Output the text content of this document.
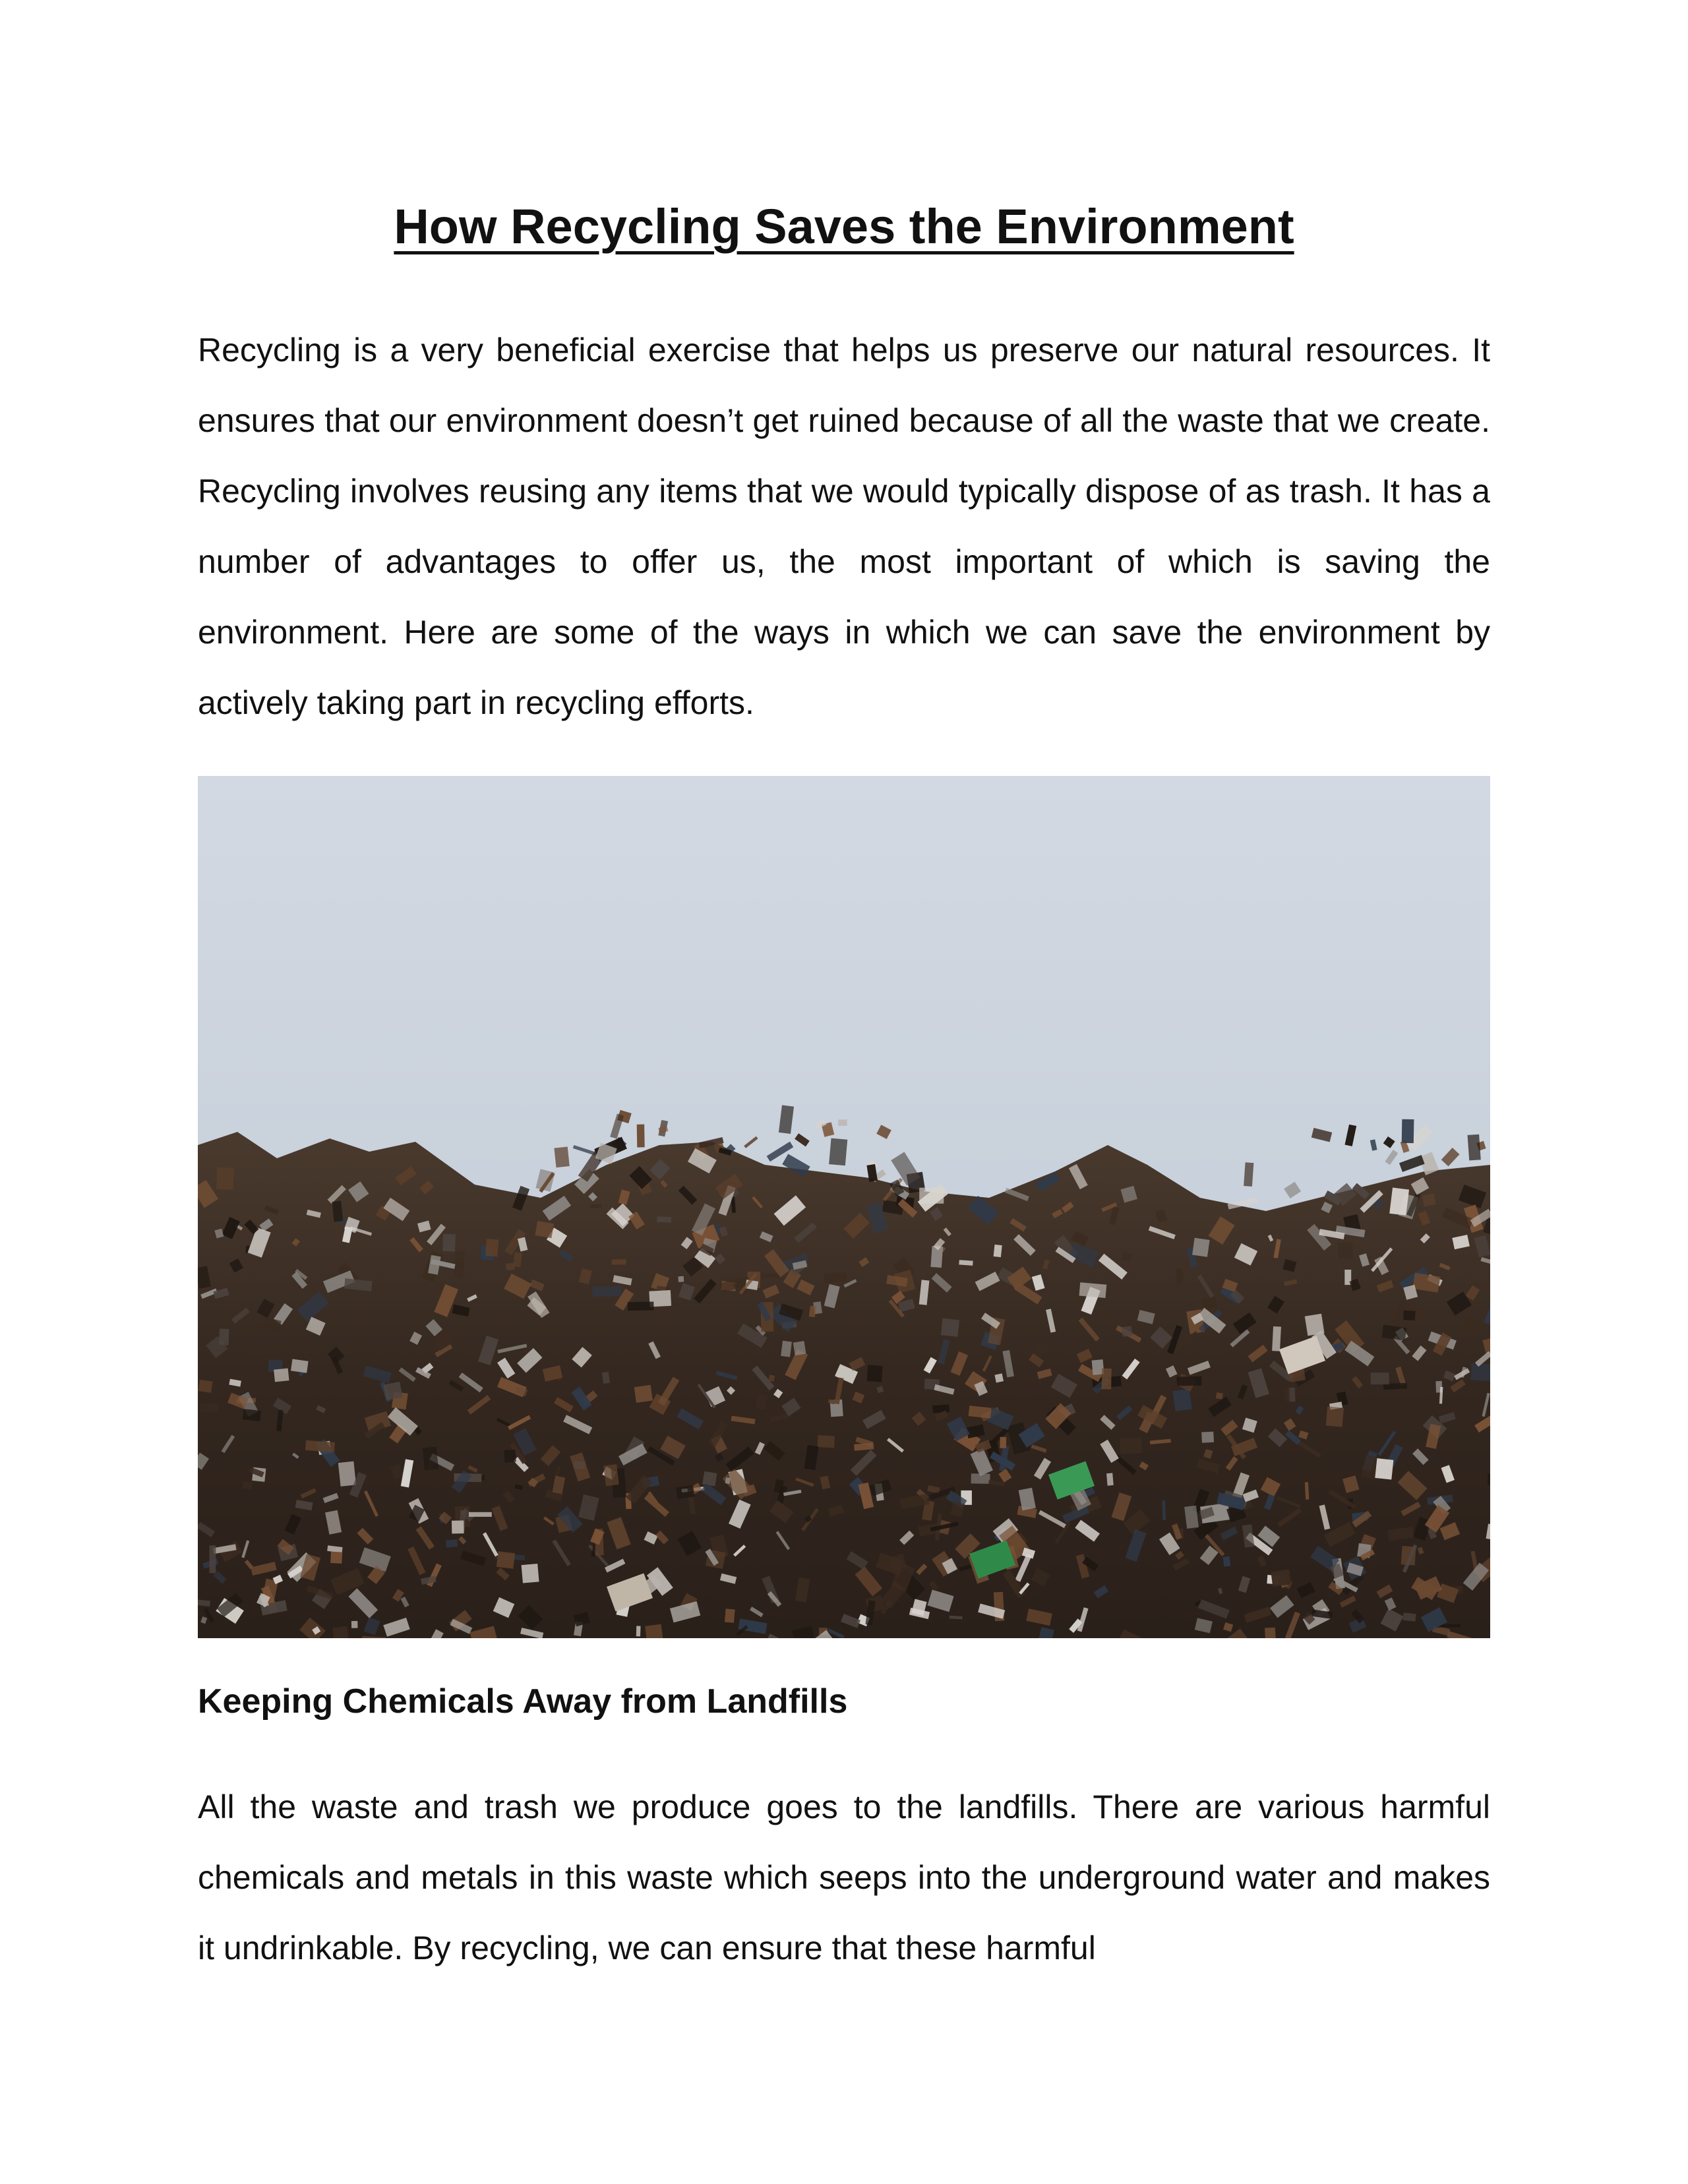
How Recycling Saves the Environment

Recycling is a very beneficial exercise that helps us preserve our natural resources. It ensures that our environment doesn’t get ruined because of all the waste that we create. Recycling involves reusing any items that we would typically dispose of as trash. It has a number of advantages to offer us, the most important of which is saving the environment. Here are some of the ways in which we can save the environment by actively taking part in recycling efforts.

Keeping Chemicals Away from Landfills

All the waste and trash we produce goes to the landfills. There are various harmful chemicals and metals in this waste which seeps into the underground water and makes it undrinkable. By recycling, we can ensure that these harmful
